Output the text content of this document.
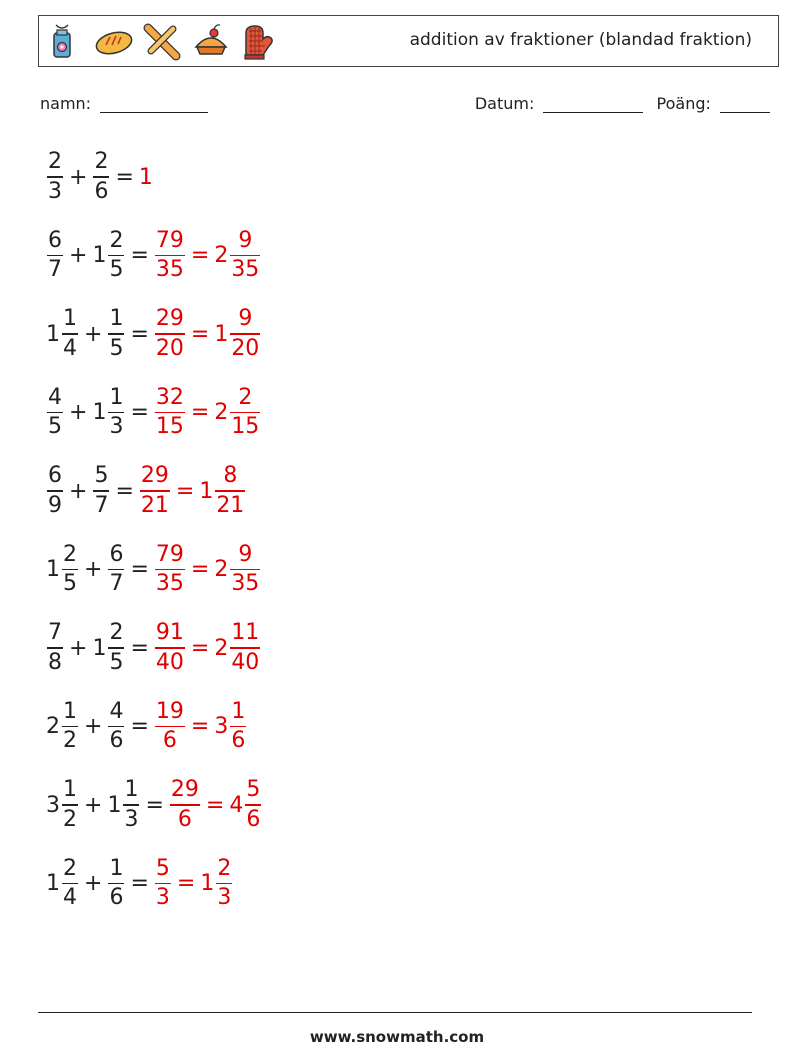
addition av fraktioner (blandad fraktion)
namn:	Datum:	Poäng:
$\frac{2}{3} + \frac{2}{6} = 1$
$\frac{6}{7} + 1 \frac{2}{5} = \frac{79}{35} = 2 \frac{9}{35}$
$1 \frac{1}{4} + \frac{1}{5} = \frac{29}{20} = 1 \frac{9}{20}$
$\frac{4}{5} + 1 \frac{1}{3} = \frac{32}{15} = 2 \frac{2}{15}$
$\frac{6}{9} + \frac{5}{7} = \frac{29}{21} = 1 \frac{8}{21}$
$1 \frac{2}{5} + \frac{6}{7} = \frac{79}{35} = 2 \frac{9}{35}$
$\frac{7}{8} + 1 \frac{2}{5} = \frac{91}{40} = 2 \frac{11}{40}$
$2 \frac{1}{2} + \frac{4}{6} = \frac{19}{6} = 3 \frac{1}{6}$
$3 \frac{1}{2} + 1 \frac{1}{3} = \frac{29}{6} = 4 \frac{5}{6}$
$1 \frac{2}{4} + \frac{1}{6} = \frac{5}{3} = 1 \frac{2}{3}$
www.snowmath.com
